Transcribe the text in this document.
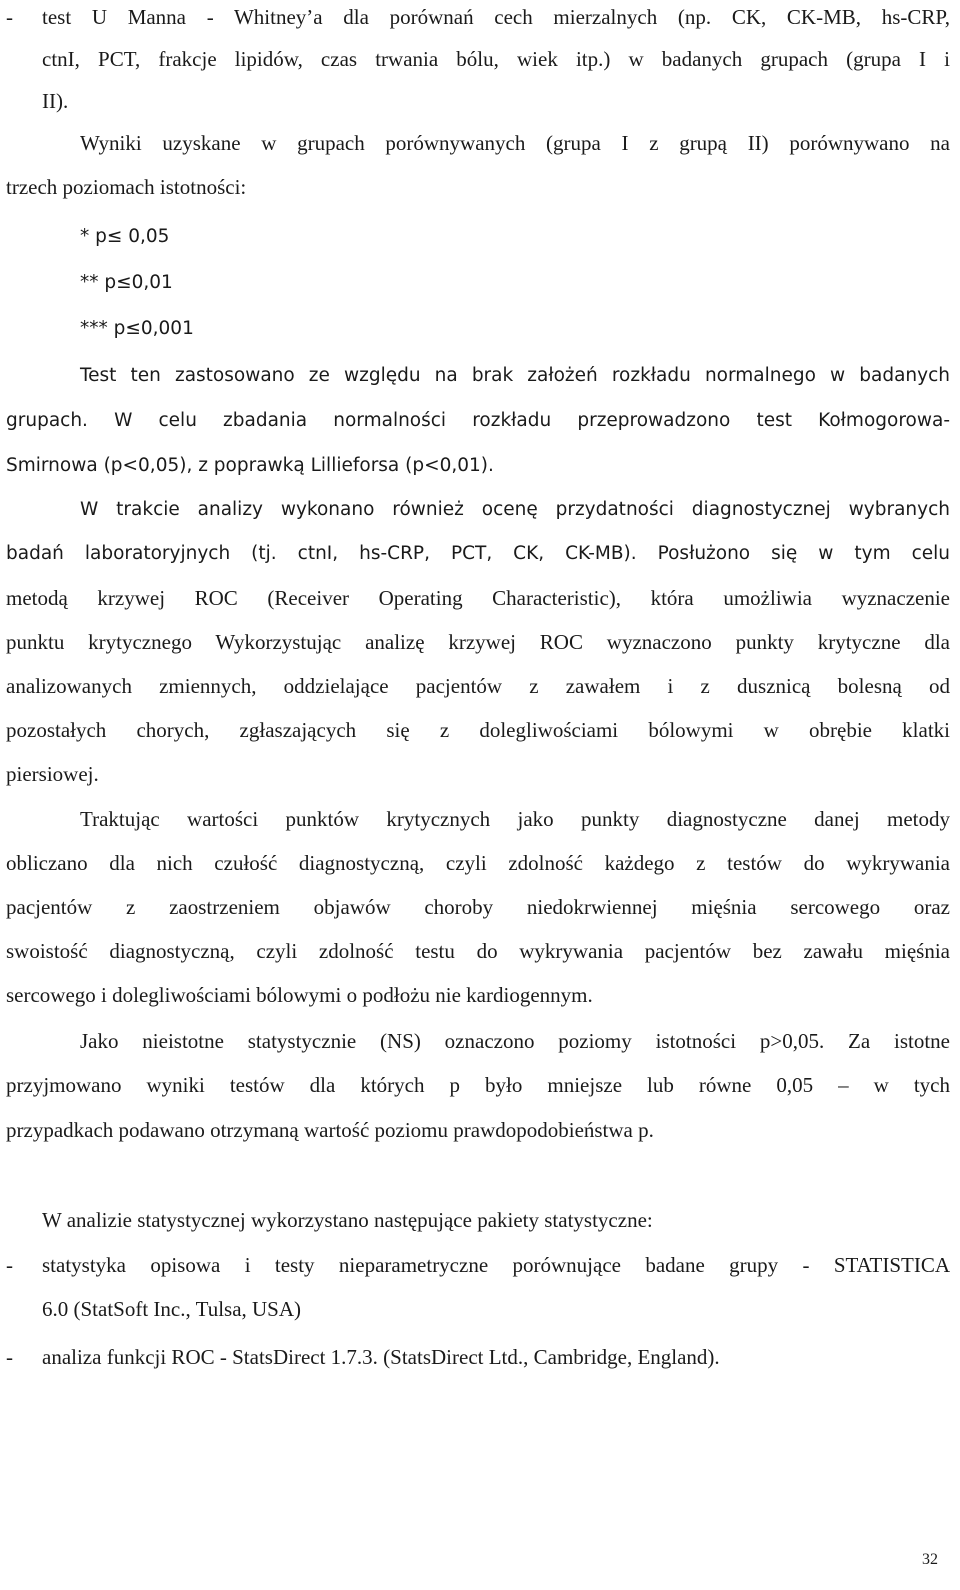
-	test U Manna - Whitney’a dla porównań cech mierzalnych (np. CK, CK-MB, hs-CRP,
ctnI, PCT, frakcje lipidów, czas trwania bólu, wiek itp.) w badanych grupach (grupa I i
II).
Wyniki uzyskane w grupach porównywanych (grupa I z grupą II) porównywano na
trzech poziomach istotności:
* p≤ 0,05
** p≤0,01
*** p≤0,001
Test ten zastosowano ze względu na brak założeń rozkładu normalnego w badanych
grupach. W celu zbadania normalności rozkładu przeprowadzono test Kołmogorowa-
Smirnowa (p<0,05), z poprawką Lillieforsa (p<0,01).
W trakcie analizy wykonano również ocenę przydatności diagnostycznej wybranych
badań laboratoryjnych (tj. ctnI, hs-CRP, PCT, CK, CK-MB). Posłużono się w tym celu
metodą krzywej ROC (Receiver Operating Characteristic), która umożliwia wyznaczenie
punktu krytycznego Wykorzystując analizę krzywej ROC wyznaczono punkty krytyczne dla
analizowanych zmiennych, oddzielające pacjentów z zawałem i z dusznicą bolesną od
pozostałych chorych, zgłaszających się z dolegliwościami bólowymi w obrębie klatki
piersiowej.
Traktując wartości punktów krytycznych jako punkty diagnostyczne danej metody
obliczano dla nich czułość diagnostyczną, czyli zdolność każdego z testów do wykrywania
pacjentów z zaostrzeniem objawów choroby niedokrwiennej mięśnia sercowego oraz
swoistość diagnostyczną, czyli zdolność testu do wykrywania pacjentów bez zawału mięśnia
sercowego i dolegliwościami bólowymi o podłożu nie kardiogennym.
Jako nieistotne statystycznie (NS) oznaczono poziomy istotności p>0,05. Za istotne
przyjmowano wyniki testów dla których p było mniejsze lub równe 0,05 – w tych
przypadkach podawano otrzymaną wartość poziomu prawdopodobieństwa p.
W analizie statystycznej wykorzystano następujące pakiety statystyczne:
-	statystyka opisowa i testy nieparametryczne porównujące badane grupy - STATISTICA
6.0 (StatSoft Inc., Tulsa, USA)
-	analiza funkcji ROC - StatsDirect 1.7.3. (StatsDirect Ltd., Cambridge, England).
32
